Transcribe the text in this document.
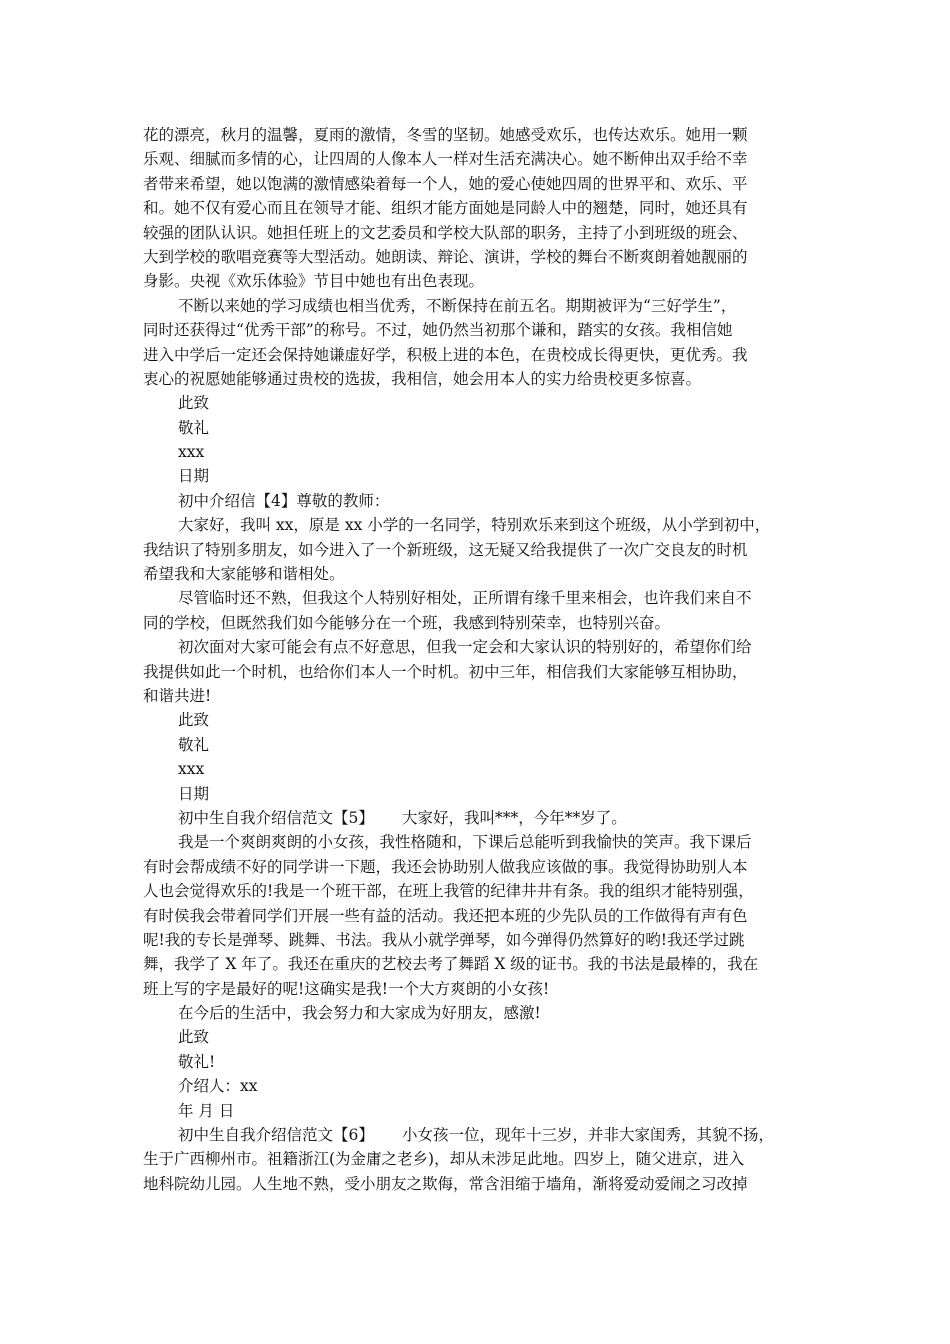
花的漂亮，秋月的温馨，夏雨的激情，冬雪的坚韧。她感受欢乐，也传达欢乐。她用一颗
乐观、细腻而多情的心，让四周的人像本人一样对生活充满决心。她不断伸出双手给不幸
者带来希望，她以饱满的激情感染着每一个人，她的爱心使她四周的世界平和、欢乐、平
和。她不仅有爱心而且在领导才能、组织才能方面她是同龄人中的翘楚，同时，她还具有
较强的团队认识。她担任班上的文艺委员和学校大队部的职务，主持了小到班级的班会、
大到学校的歌唱竞赛等大型活动。她朗读、辩论、演讲，学校的舞台不断爽朗着她靓丽的
身影。央视《欢乐体验》节目中她也有出色表现。
不断以来她的学习成绩也相当优秀，不断保持在前五名。期期被评为“三好学生”，
同时还获得过“优秀干部”的称号。不过，她仍然当初那个谦和，踏实的女孩。我相信她
进入中学后一定还会保持她谦虚好学，积极上进的本色，在贵校成长得更快，更优秀。我
衷心的祝愿她能够通过贵校的选拔，我相信，她会用本人的实力给贵校更多惊喜。
此致
敬礼
xxx
日期
初中介绍信【4】尊敬的教师：
大家好，我叫 xx，原是 xx 小学的一名同学，特别欢乐来到这个班级，从小学到初中，
我结识了特别多朋友，如今进入了一个新班级，这无疑又给我提供了一次广交良友的时机
希望我和大家能够和谐相处。
尽管临时还不熟，但我这个人特别好相处，正所谓有缘千里来相会，也许我们来自不
同的学校，但既然我们如今能够分在一个班，我感到特别荣幸，也特别兴奋。
初次面对大家可能会有点不好意思，但我一定会和大家认识的特别好的，希望你们给
我提供如此一个时机，也给你们本人一个时机。初中三年，相信我们大家能够互相协助，
和谐共进!
此致
敬礼
xxx
日期
初中生自我介绍信范文【5】　　 大家好，我叫***，今年**岁了。
我是一个爽朗爽朗的小女孩，我性格随和，下课后总能听到我愉快的笑声。我下课后
有时会帮成绩不好的同学讲一下题，我还会协助别人做我应该做的事。我觉得协助别人本
人也会觉得欢乐的!我是一个班干部，在班上我管的纪律井井有条。我的组织才能特别强，
有时侯我会带着同学们开展一些有益的活动。我还把本班的少先队员的工作做得有声有色
呢!我的专长是弹琴、跳舞、书法。我从小就学弹琴，如今弹得仍然算好的哟!我还学过跳
舞，我学了 X 年了。我还在重庆的艺校去考了舞蹈 X 级的证书。我的书法是最棒的，我在
班上写的字是最好的呢!这确实是我!一个大方爽朗的小女孩!
在今后的生活中，我会努力和大家成为好朋友，感激!
此致
敬礼!
介绍人：xx
年 月 日
初中生自我介绍信范文【6】　　 小女孩一位，现年十三岁，并非大家闺秀，其貌不扬，
生于广西柳州市。祖籍浙江(为金庸之老乡)，却从未涉足此地。四岁上，随父进京，进入
地科院幼儿园。人生地不熟，受小朋友之欺侮，常含泪缩于墙角，渐将爱动爱闹之习改掉
